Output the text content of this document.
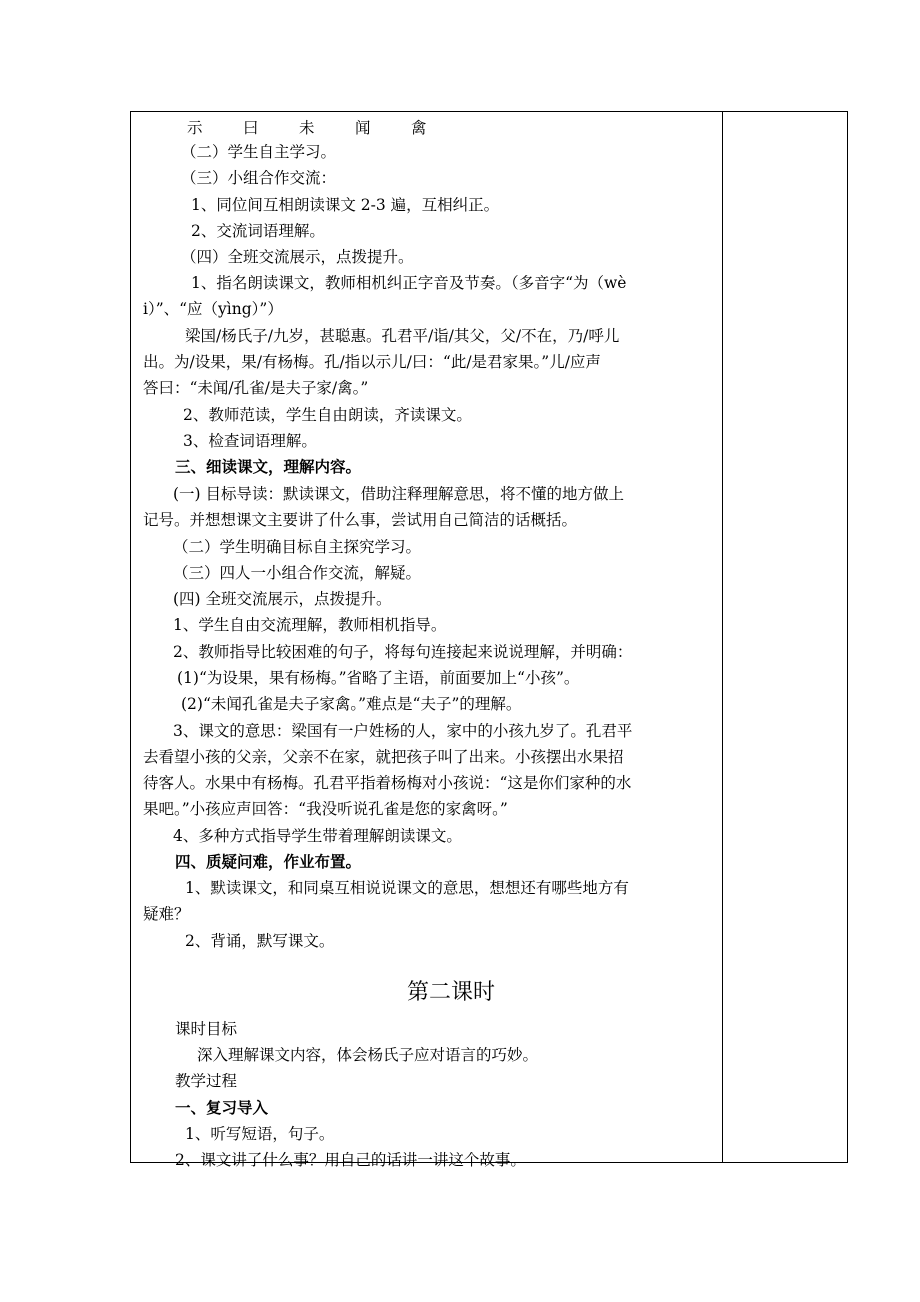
示	曰	未	闻	禽
（二）学生自主学习。
（三）小组合作交流：
1、同位间互相朗读课文 2-3 遍，互相纠正。
2、交流词语理解。
（四）全班交流展示，点拨提升。
1、指名朗读课文，教师相机纠正字音及节奏。（多音字“为（wè
i）”、“应（yìng）”）
梁国/杨氏子/九岁，甚聪惠。孔君平/诣/其父，父/不在，乃/呼儿
出。为/设果，果/有杨梅。孔/指以示儿/曰：“此/是君家果。”儿/应声
答曰：“未闻/孔雀/是夫子家/禽。”
2、教师范读，学生自由朗读，齐读课文。
3、检查词语理解。
三、细读课文，理解内容。
(一) 目标导读：默读课文，借助注释理解意思，将不懂的地方做上
记号。并想想课文主要讲了什么事，尝试用自己简洁的话概括。
（二）学生明确目标自主探究学习。
（三）四人一小组合作交流，解疑。
(四) 全班交流展示，点拨提升。
1、学生自由交流理解，教师相机指导。
2、教师指导比较困难的句子，将每句连接起来说说理解，并明确：
(1)“为设果，果有杨梅。”省略了主语，前面要加上“小孩”。
(2)“未闻孔雀是夫子家禽。”难点是“夫子”的理解。
3、课文的意思：梁国有一户姓杨的人，家中的小孩九岁了。孔君平
去看望小孩的父亲，父亲不在家，就把孩子叫了出来。小孩摆出水果招
待客人。水果中有杨梅。孔君平指着杨梅对小孩说：“这是你们家种的水
果吧。”小孩应声回答：“我没听说孔雀是您的家禽呀。”
4、多种方式指导学生带着理解朗读课文。
四、质疑问难，作业布置。
1、默读课文，和同桌互相说说课文的意思，想想还有哪些地方有
疑难？
2、背诵，默写课文。
第二课时
课时目标
深入理解课文内容，体会杨氏子应对语言的巧妙。
教学过程
一、复习导入
1、听写短语，句子。
2、课文讲了什么事？用自己的话讲一讲这个故事。
